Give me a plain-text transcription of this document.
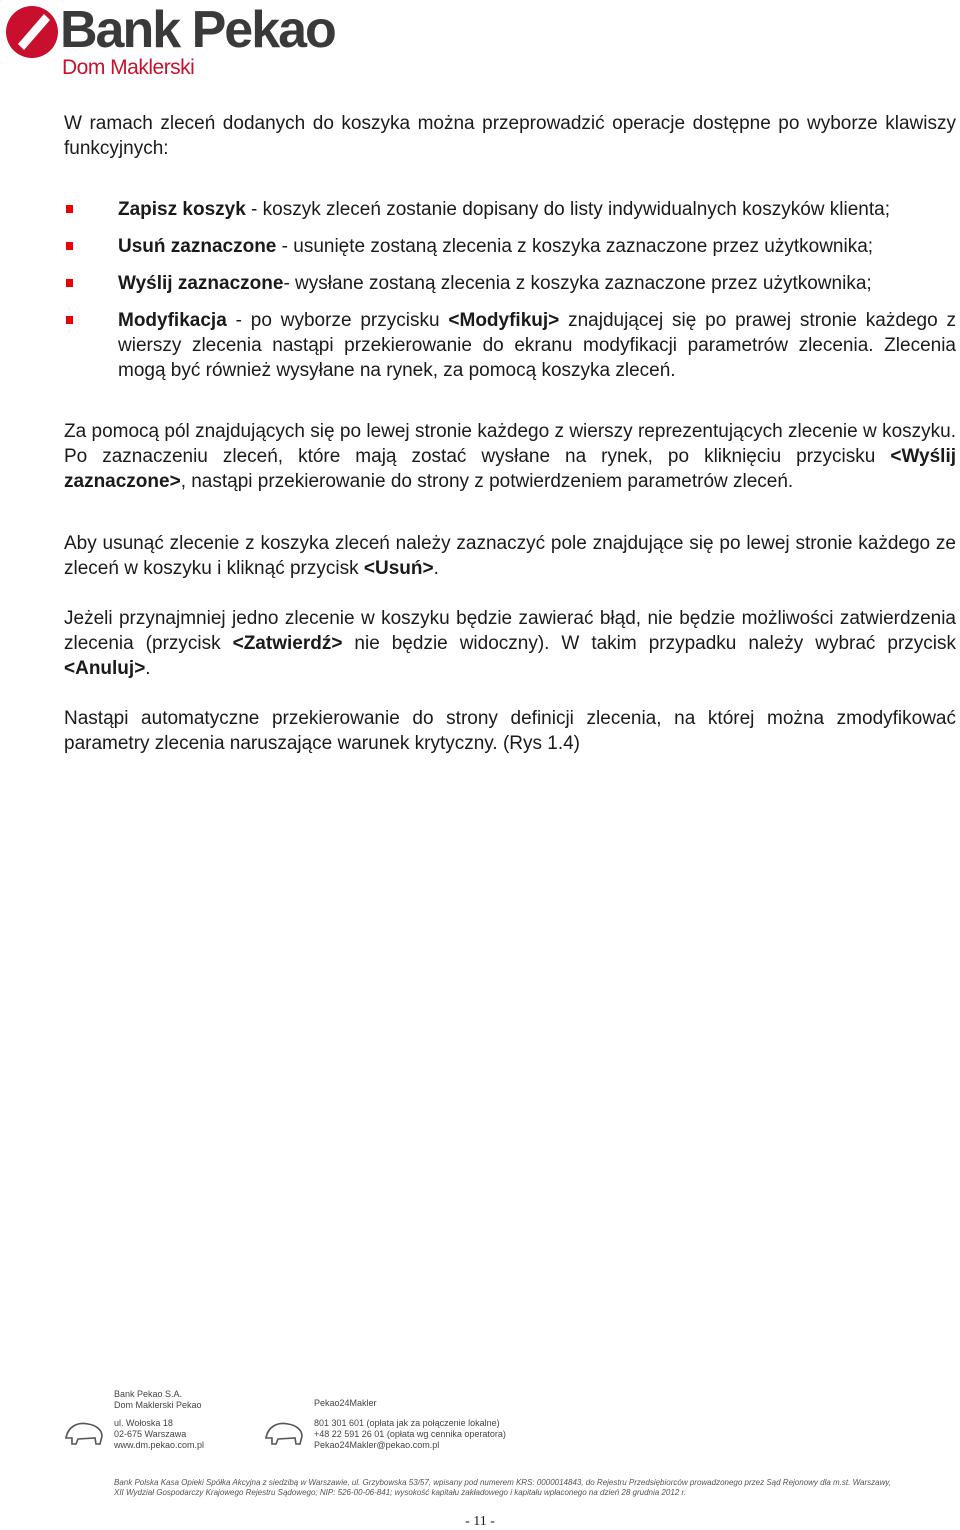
Bank Pekao
Dom Maklerski

W ramach zleceń dodanych do koszyka można przeprowadzić operacje dostępne po wyborze klawiszy funkcyjnych:

Zapisz koszyk - koszyk zleceń zostanie dopisany do listy indywidualnych koszyków klienta;
Usuń zaznaczone - usunięte zostaną zlecenia z koszyka zaznaczone przez użytkownika;
Wyślij zaznaczone- wysłane zostaną zlecenia z koszyka zaznaczone przez użytkownika;
Modyfikacja - po wyborze przycisku <Modyfikuj> znajdującej się po prawej stronie każdego z wierszy zlecenia nastąpi przekierowanie do ekranu modyfikacji parametrów zlecenia. Zlecenia mogą być również wysyłane na rynek, za pomocą koszyka zleceń.

Za pomocą pól znajdujących się po lewej stronie każdego z wierszy reprezentujących zlecenie w koszyku. Po zaznaczeniu zleceń, które mają zostać wysłane na rynek, po kliknięciu przycisku <Wyślij zaznaczone>, nastąpi przekierowanie do strony z potwierdzeniem parametrów zleceń.

Aby usunąć zlecenie z koszyka zleceń należy zaznaczyć pole znajdujące się po lewej stronie każdego ze zleceń w koszyku i kliknąć przycisk <Usuń>.

Jeżeli przynajmniej jedno zlecenie w koszyku będzie zawierać błąd, nie będzie możliwości zatwierdzenia zlecenia (przycisk <Zatwierdź> nie będzie widoczny). W takim przypadku należy wybrać przycisk <Anuluj>.

Nastąpi automatyczne przekierowanie do strony definicji zlecenia, na której można zmodyfikować parametry zlecenia naruszające warunek krytyczny. (Rys 1.4)

Bank Pekao S.A.
Dom Maklerski Pekao
ul. Wołoska 18
02-675 Warszawa
www.dm.pekao.com.pl
Pekao24Makler
801 301 601 (opłata jak za połączenie lokalne)
+48 22 591 26 01 (opłata wg cennika operatora)
Pekao24Makler@pekao.com.pl
Bank Polska Kasa Opieki Spółka Akcyjna z siedzibą w Warszawie, ul. Grzybowska 53/57, wpisany pod numerem KRS: 0000014843, do Rejestru Przedsiębiorców prowadzonego przez Sąd Rejonowy dla m.st. Warszawy,
XII Wydział Gospodarczy Krajowego Rejestru Sądowego; NIP: 526-00-06-841; wysokość kapitału zakładowego i kapitału wpłaconego na dzień 28 grudnia 2012 r.
- 11 -
